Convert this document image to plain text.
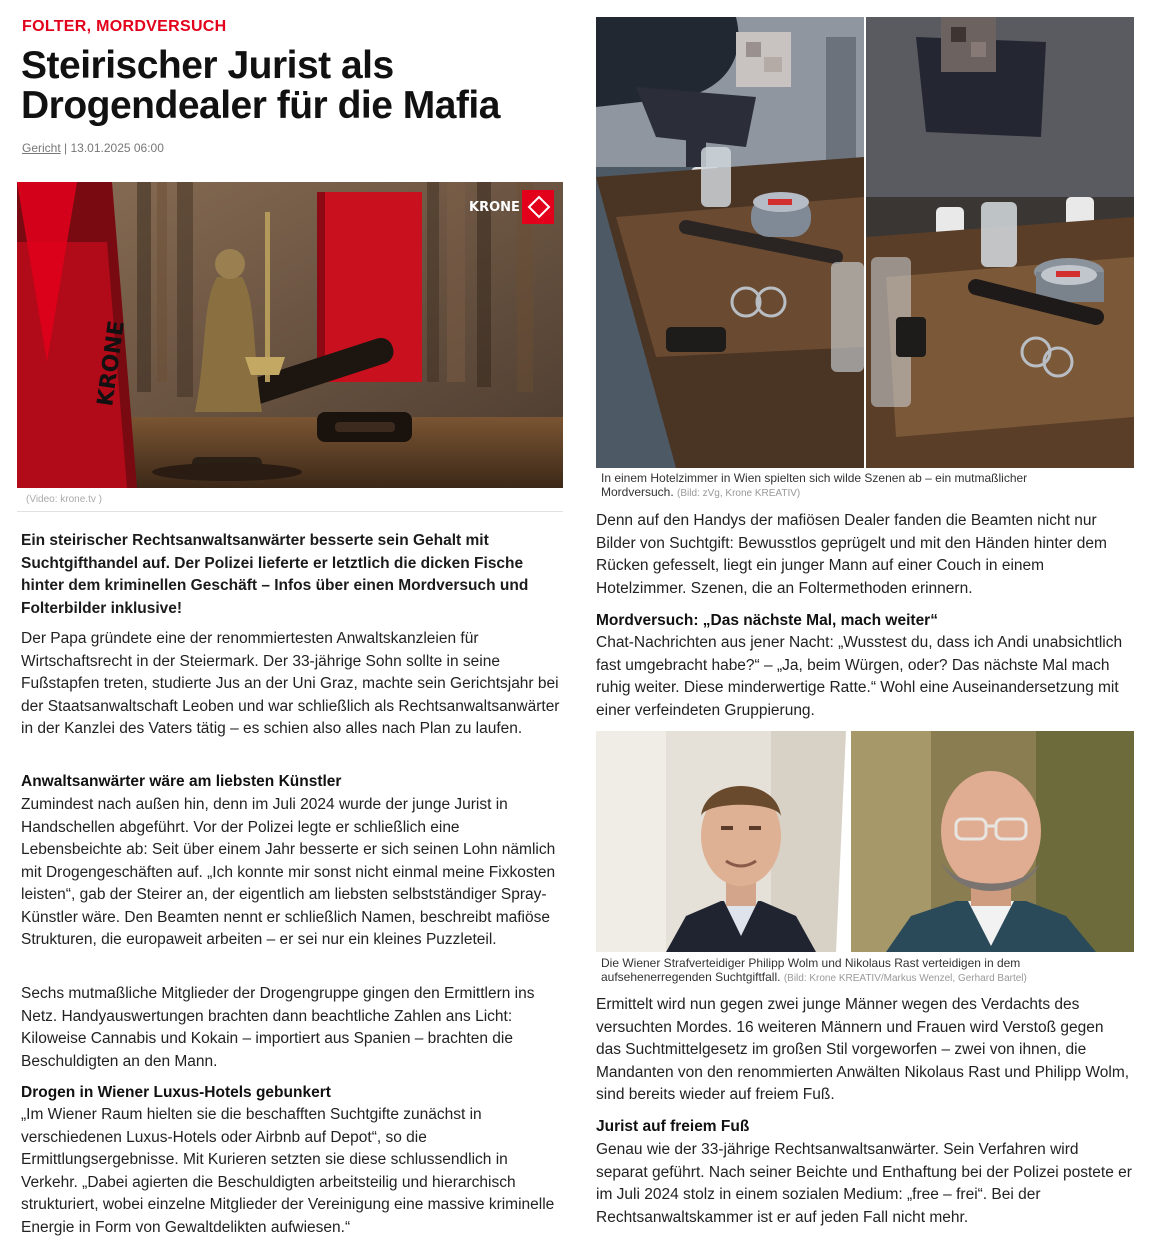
FOLTER, MORDVERSUCH
Steirischer Jurist als Drogendealer für die Mafia
Gericht | 13.01.2025 06:00
KRONE
KRONE
(Video: krone.tv )

Ein steirischer Rechtsanwaltsanwärter besserte sein Gehalt mit Suchtgifthandel auf. Der Polizei lieferte er letztlich die dicken Fische hinter dem kriminellen Geschäft – Infos über einen Mordversuch und Folterbilder inklusive!

Der Papa gründete eine der renommiertesten Anwaltskanzleien für Wirtschaftsrecht in der Steiermark. Der 33-jährige Sohn sollte in seine Fußstapfen treten, studierte Jus an der Uni Graz, machte sein Gerichtsjahr bei der Staatsanwaltschaft Leoben und war schließlich als Rechtsanwaltsanwärter in der Kanzlei des Vaters tätig – es schien also alles nach Plan zu laufen.

Anwaltsanwärter wäre am liebsten Künstler

Zumindest nach außen hin, denn im Juli 2024 wurde der junge Jurist in Handschellen abgeführt. Vor der Polizei legte er schließlich eine Lebensbeichte ab: Seit über einem Jahr besserte er sich seinen Lohn nämlich mit Drogengeschäften auf. „Ich konnte mir sonst nicht einmal meine Fixkosten leisten“, gab der Steirer an, der eigentlich am liebsten selbstständiger Spray-Künstler wäre. Den Beamten nennt er schließlich Namen, beschreibt mafiöse Strukturen, die europaweit arbeiten – er sei nur ein kleines Puzzleteil.

Sechs mutmaßliche Mitglieder der Drogengruppe gingen den Ermittlern ins Netz. Handyauswertungen brachten dann beachtliche Zahlen ans Licht: Kiloweise Cannabis und Kokain – importiert aus Spanien – brachten die Beschuldigten an den Mann.

Drogen in Wiener Luxus-Hotels gebunkert

„Im Wiener Raum hielten sie die beschafften Suchtgifte zunächst in verschiedenen Luxus-Hotels oder Airbnb auf Depot“, so die Ermittlungsergebnisse. Mit Kurieren setzten sie diese schlussendlich in Verkehr. „Dabei agierten die Beschuldigten arbeitsteilig und hierarchisch strukturiert, wobei einzelne Mitglieder der Vereinigung eine massive kriminelle Energie in Form von Gewaltdelikten aufwiesen.“

In einem Hotelzimmer in Wien spielten sich wilde Szenen ab – ein mutmaßlicher Mordversuch. (Bild: zVg, Krone KREATIV)

Denn auf den Handys der mafiösen Dealer fanden die Beamten nicht nur Bilder von Suchtgift: Bewusstlos geprügelt und mit den Händen hinter dem Rücken gefesselt, liegt ein junger Mann auf einer Couch in einem Hotelzimmer. Szenen, die an Foltermethoden erinnern.

Mordversuch: „Das nächste Mal, mach weiter“

Chat-Nachrichten aus jener Nacht: „Wusstest du, dass ich Andi unabsichtlich fast umgebracht habe?“ – „Ja, beim Würgen, oder? Das nächste Mal mach ruhig weiter. Diese minderwertige Ratte.“ Wohl eine Auseinandersetzung mit einer verfeindeten Gruppierung.

Die Wiener Strafverteidiger Philipp Wolm und Nikolaus Rast verteidigen in dem aufsehenerregenden Suchtgiftfall. (Bild: Krone KREATIV/Markus Wenzel, Gerhard Bartel)

Ermittelt wird nun gegen zwei junge Männer wegen des Verdachts des versuchten Mordes. 16 weiteren Männern und Frauen wird Verstoß gegen das Suchtmittelgesetz im großen Stil vorgeworfen – zwei von ihnen, die Mandanten von den renommierten Anwälten Nikolaus Rast und Philipp Wolm, sind bereits wieder auf freiem Fuß.

Jurist auf freiem Fuß

Genau wie der 33-jährige Rechtsanwaltsanwärter. Sein Verfahren wird separat geführt. Nach seiner Beichte und Enthaftung bei der Polizei postete er im Juli 2024 stolz in einem sozialen Medium: „free – frei“. Bei der Rechtsanwaltskammer ist er auf jeden Fall nicht mehr.
